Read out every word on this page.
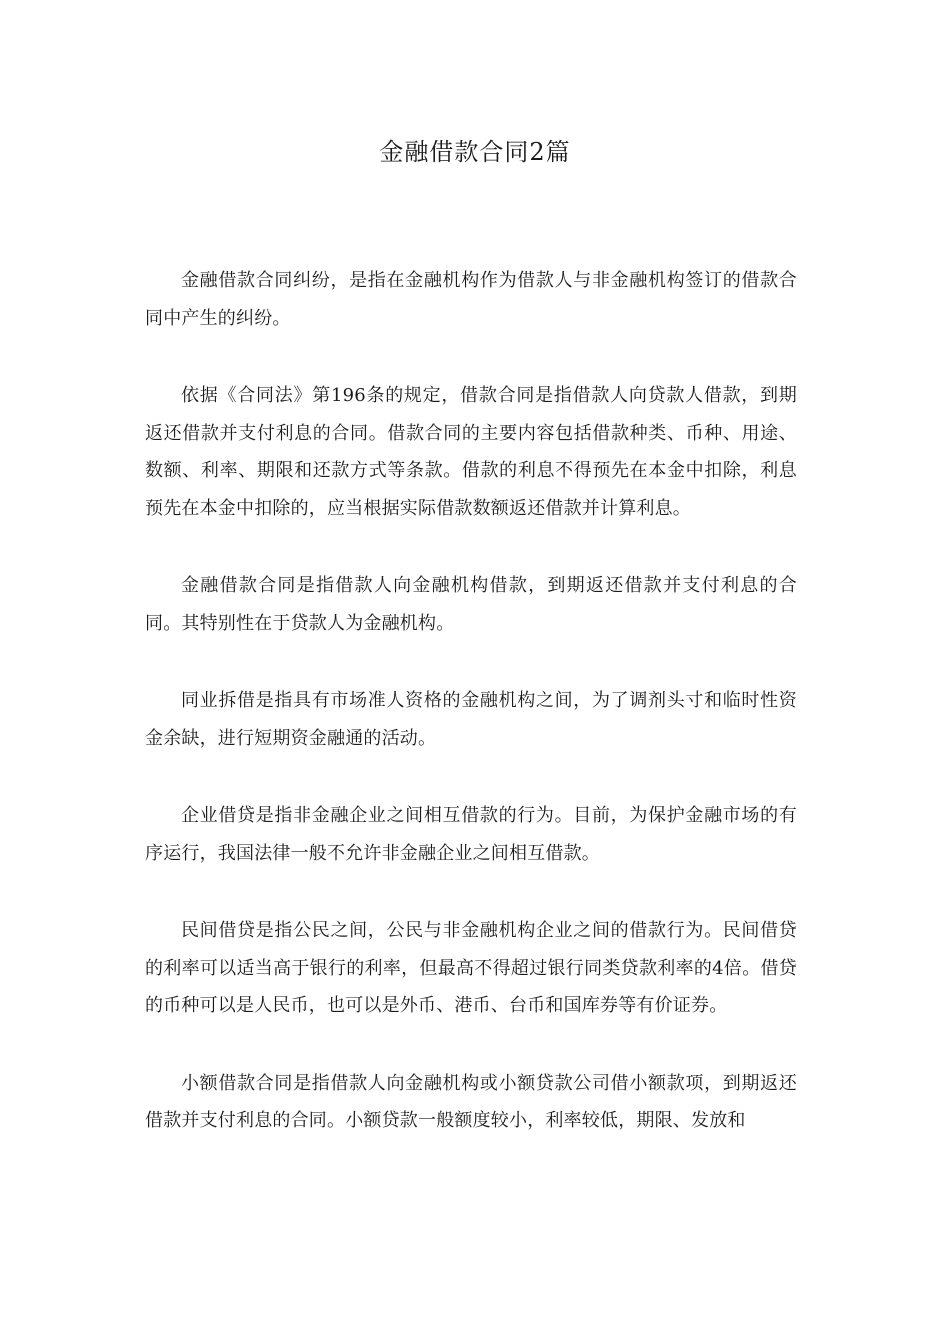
金融借款合同2篇

金融借款合同纠纷，是指在金融机构作为借款人与非金融机构签订的借款合同中产生的纠纷。

依据《合同法》第196条的规定，借款合同是指借款人向贷款人借款，到期返还借款并支付利息的合同。借款合同的主要内容包括借款种类、币种、用途、数额、利率、期限和还款方式等条款。借款的利息不得预先在本金中扣除，利息预先在本金中扣除的，应当根据实际借款数额返还借款并计算利息。

金融借款合同是指借款人向金融机构借款，到期返还借款并支付利息的合同。其特别性在于贷款人为金融机构。

同业拆借是指具有市场准人资格的金融机构之间，为了调剂头寸和临时性资金余缺，进行短期资金融通的活动。

企业借贷是指非金融企业之间相互借款的行为。目前，为保护金融市场的有序运行，我国法律一般不允许非金融企业之间相互借款。

民间借贷是指公民之间，公民与非金融机构企业之间的借款行为。民间借贷的利率可以适当高于银行的利率，但最高不得超过银行同类贷款利率的4倍。借贷的币种可以是人民币，也可以是外币、港币、台币和国库券等有价证券。

小额借款合同是指借款人向金融机构或小额贷款公司借小额款项，到期返还借款并支付利息的合同。小额贷款一般额度较小，利率较低，期限、发放和
